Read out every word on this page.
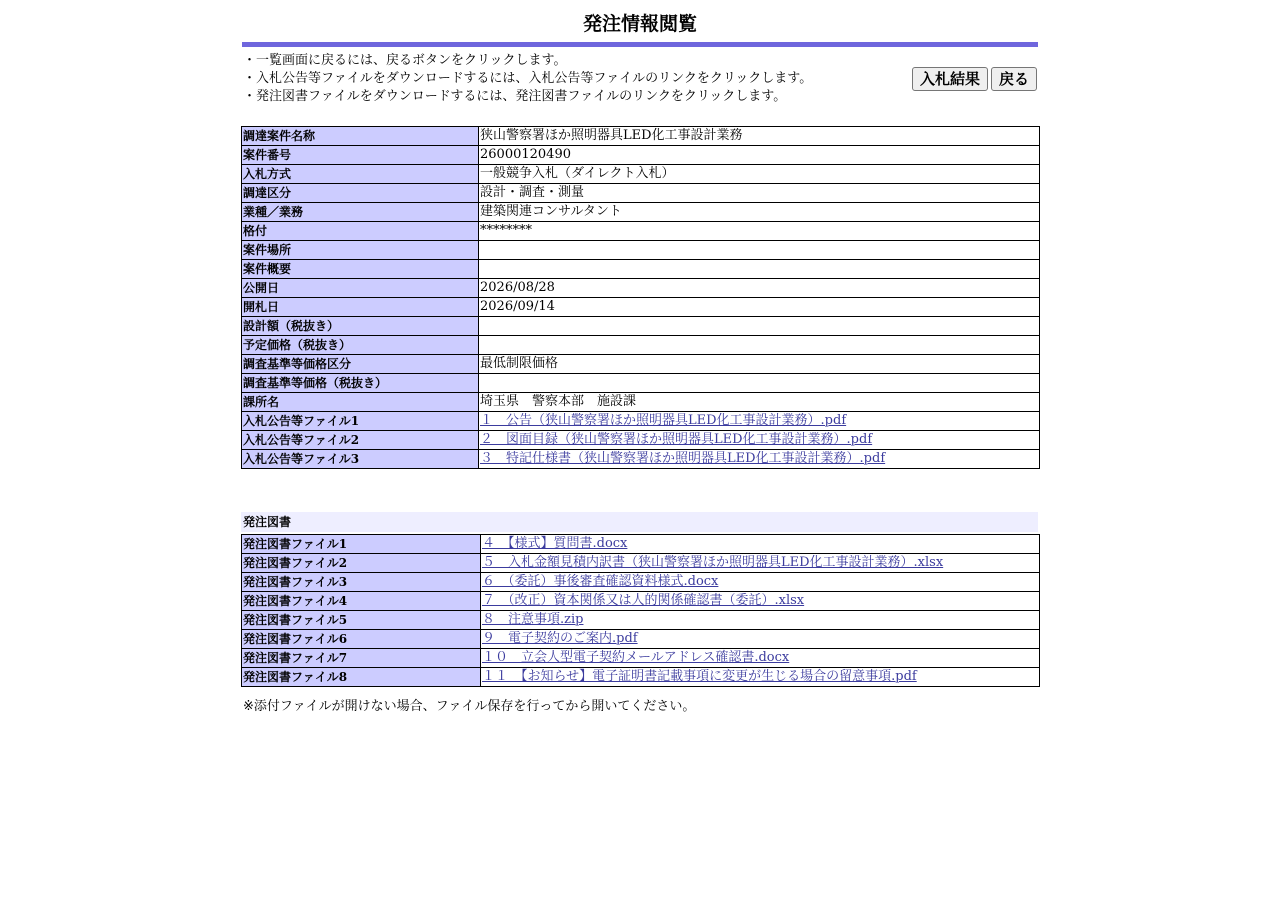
発注情報閲覧
・一覧画面に戻るには、戻るボタンをクリックします。
・入札公告等ファイルをダウンロードするには、入札公告等ファイルのリンクをクリックします。
・発注図書ファイルをダウンロードするには、発注図書ファイルのリンクをクリックします。
入札結果	戻る
調達案件名称	狭山警察署ほか照明器具LED化工事設計業務
案件番号	26000120490
入札方式	一般競争入札（ダイレクト入札）
調達区分	設計・調査・測量
業種／業務	建築関連コンサルタント
格付	********
案件場所	
案件概要	
公開日	2026/08/28
開札日	2026/09/14
設計額（税抜き）	
予定価格（税抜き）	
調査基準等価格区分	最低制限価格
調査基準等価格（税抜き）	
課所名	埼玉県　警察本部　施設課
入札公告等ファイル1	１　公告（狭山警察署ほか照明器具LED化工事設計業務）.pdf
入札公告等ファイル2	２　図面目録（狭山警察署ほか照明器具LED化工事設計業務）.pdf
入札公告等ファイル3	３　特記仕様書（狭山警察署ほか照明器具LED化工事設計業務）.pdf
発注図書
発注図書ファイル1	４　【様式】質問書.docx
発注図書ファイル2	５　入札金額見積内訳書（狭山警察署ほか照明器具LED化工事設計業務）.xlsx
発注図書ファイル3	６　（委託）事後審査確認資料様式.docx
発注図書ファイル4	７　（改正）資本関係又は人的関係確認書（委託）.xlsx
発注図書ファイル5	８　注意事項.zip
発注図書ファイル6	９　電子契約のご案内.pdf
発注図書ファイル7	１０　立会人型電子契約メールアドレス確認書.docx
発注図書ファイル8	１１　【お知らせ】電子証明書記載事項に変更が生じる場合の留意事項.pdf
※添付ファイルが開けない場合、ファイル保存を行ってから開いてください。
